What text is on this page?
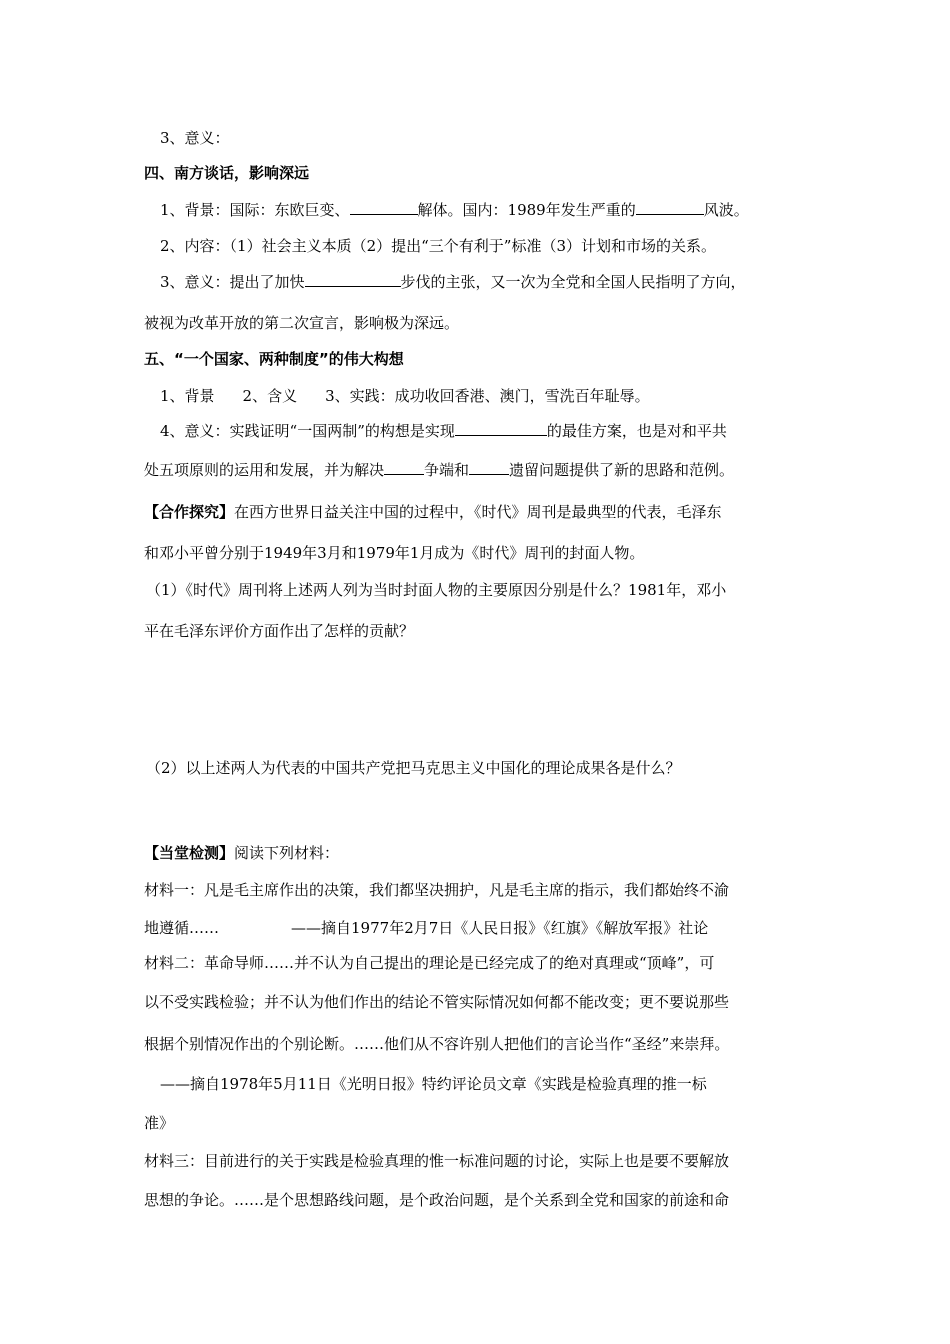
3、意义：
四、南方谈话，影响深远
1、背景：国际：东欧巨变、	解体。国内：1989年发生严重的	风波。
2、内容：（1）社会主义本质（2）提出“三个有利于”标准（3）计划和市场的关系。
3、意义：提出了加快	步伐的主张，又一次为全党和全国人民指明了方向，
被视为改革开放的第二次宣言，影响极为深远。
五、“一个国家、两种制度”的伟大构想
1、背景 2、含义 3、实践：成功收回香港、澳门，雪洗百年耻辱。
4、意义：实践证明“一国两制”的构想是实现	的最佳方案，也是对和平共
处五项原则的运用和发展，并为解决	争端和	遗留问题提供了新的思路和范例。
【合作探究】在西方世界日益关注中国的过程中，《时代》周刊是最典型的代表，毛泽东
和邓小平曾分别于1949年3月和1979年1月成为《时代》周刊的封面人物。
（1）《时代》周刊将上述两人列为当时封面人物的主要原因分别是什么？1981年，邓小
平在毛泽东评价方面作出了怎样的贡献？
（2）以上述两人为代表的中国共产党把马克思主义中国化的理论成果各是什么？
【当堂检测】阅读下列材料：
材料一：凡是毛主席作出的决策，我们都坚决拥护，凡是毛主席的指示，我们都始终不渝
地遵循……	——摘自1977年2月7日《人民日报》《红旗》《解放军报》社论
材料二：革命导师……并不认为自己提出的理论是已经完成了的绝对真理或“顶峰”，可
以不受实践检验；并不认为他们作出的结论不管实际情况如何都不能改变；更不要说那些
根据个别情况作出的个别论断。……他们从不容许别人把他们的言论当作“圣经”来崇拜。
——摘自1978年5月11日《光明日报》特约评论员文章《实践是检验真理的推一标
准》
材料三：目前进行的关于实践是检验真理的惟一标准问题的讨论，实际上也是要不要解放
思想的争论。……是个思想路线问题，是个政治问题，是个关系到全党和国家的前途和命
